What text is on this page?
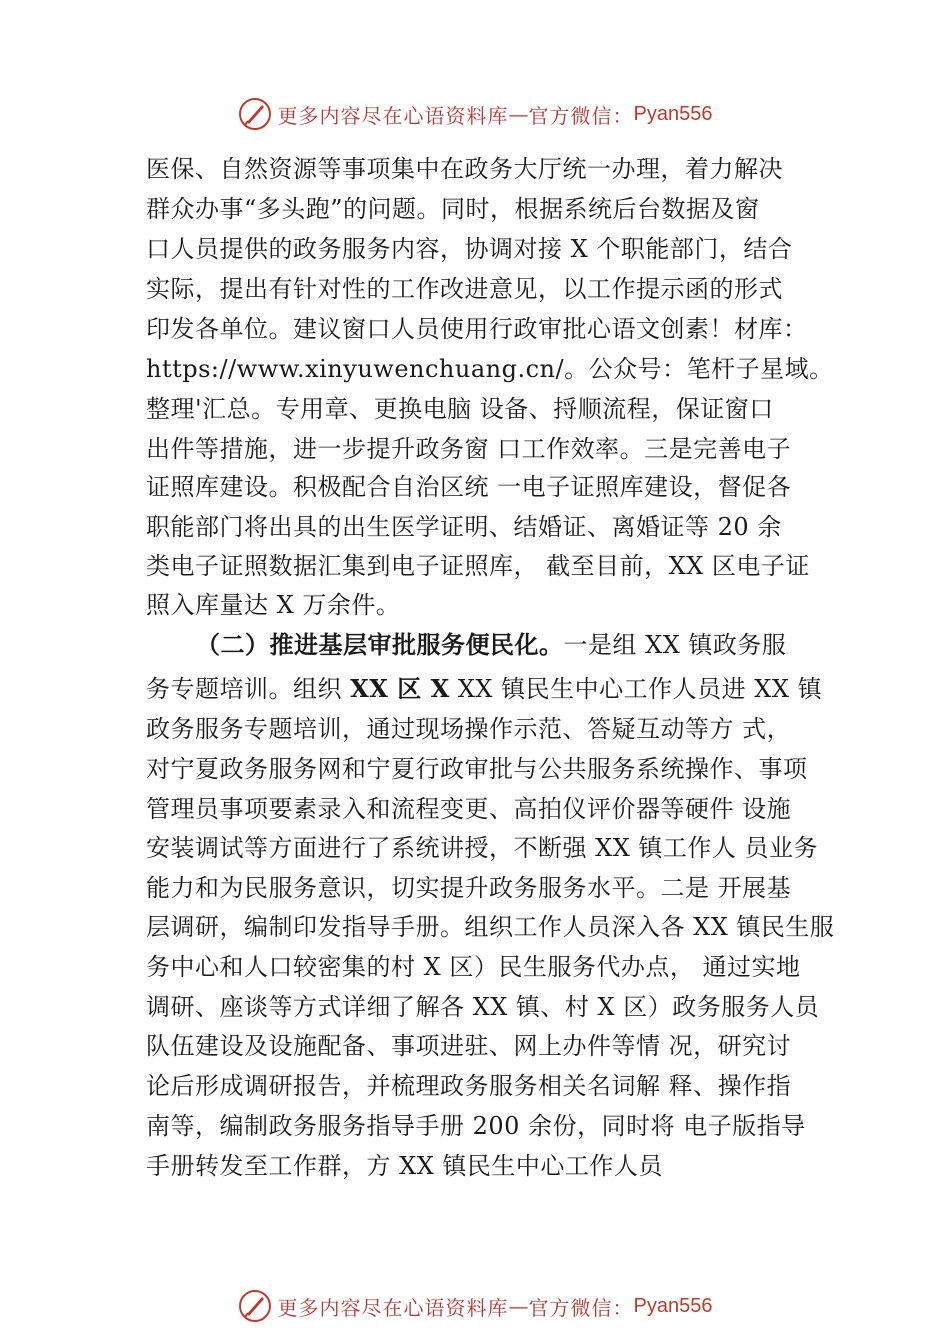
更多内容尽在心语资料库 — 官方微信： Pyan556
医保、自然资源等事项集中在政务大厅统一办理，着力解决
群众办事“多头跑”的问题。同时，根据系统后台数据及窗
口人员提供的政务服务内容，协调对接 X 个职能部门，结合
实际，提出有针对性的工作改进意见，以工作提示函的形式
印发各单位。建议窗口人员使用行政审批心语文创素！材库：
https://www.xinyuwenchuang.cn/。公众号：笔杆子星域。
整理'汇总。专用章、更换电脑 设备、捋顺流程，保证窗口
出件等措施，进一步提升政务窗 口工作效率。三是完善电子
证照库建设。积极配合自治区统 一电子证照库建设，督促各
职能部门将出具的出生医学证明、结婚证、离婚证等 20 余
类电子证照数据汇集到电子证照库， 截至目前，XX 区电子证
照入库量达 X 万余件。
（二）推进基层审批服务便民化。一是组 XX 镇政务服
务专题培训。组织 XX 区 X XX 镇民生中心工作人员进 XX 镇
政务服务专题培训，通过现场操作示范、答疑互动等方 式，
对宁夏政务服务网和宁夏行政审批与公共服务系统操作、事项
管理员事项要素录入和流程变更、高拍仪评价器等硬件 设施
安装调试等方面进行了系统讲授，不断强 XX 镇工作人 员业务
能力和为民服务意识，切实提升政务服务水平。二是 开展基
层调研，编制印发指导手册。组织工作人员深入各 XX 镇民生服
务中心和人口较密集的村 X 区）民生服务代办点， 通过实地
调研、座谈等方式详细了解各 XX 镇、村 X 区）政务服务人员
队伍建设及设施配备、事项进驻、网上办件等情 况，研究讨
论后形成调研报告，并梳理政务服务相关名词解 释、操作指
南等，编制政务服务指导手册 200 余份，同时将 电子版指导
手册转发至工作群，方 XX 镇民生中心工作人员
更多内容尽在心语资料库 — 官方微信： Pyan556
